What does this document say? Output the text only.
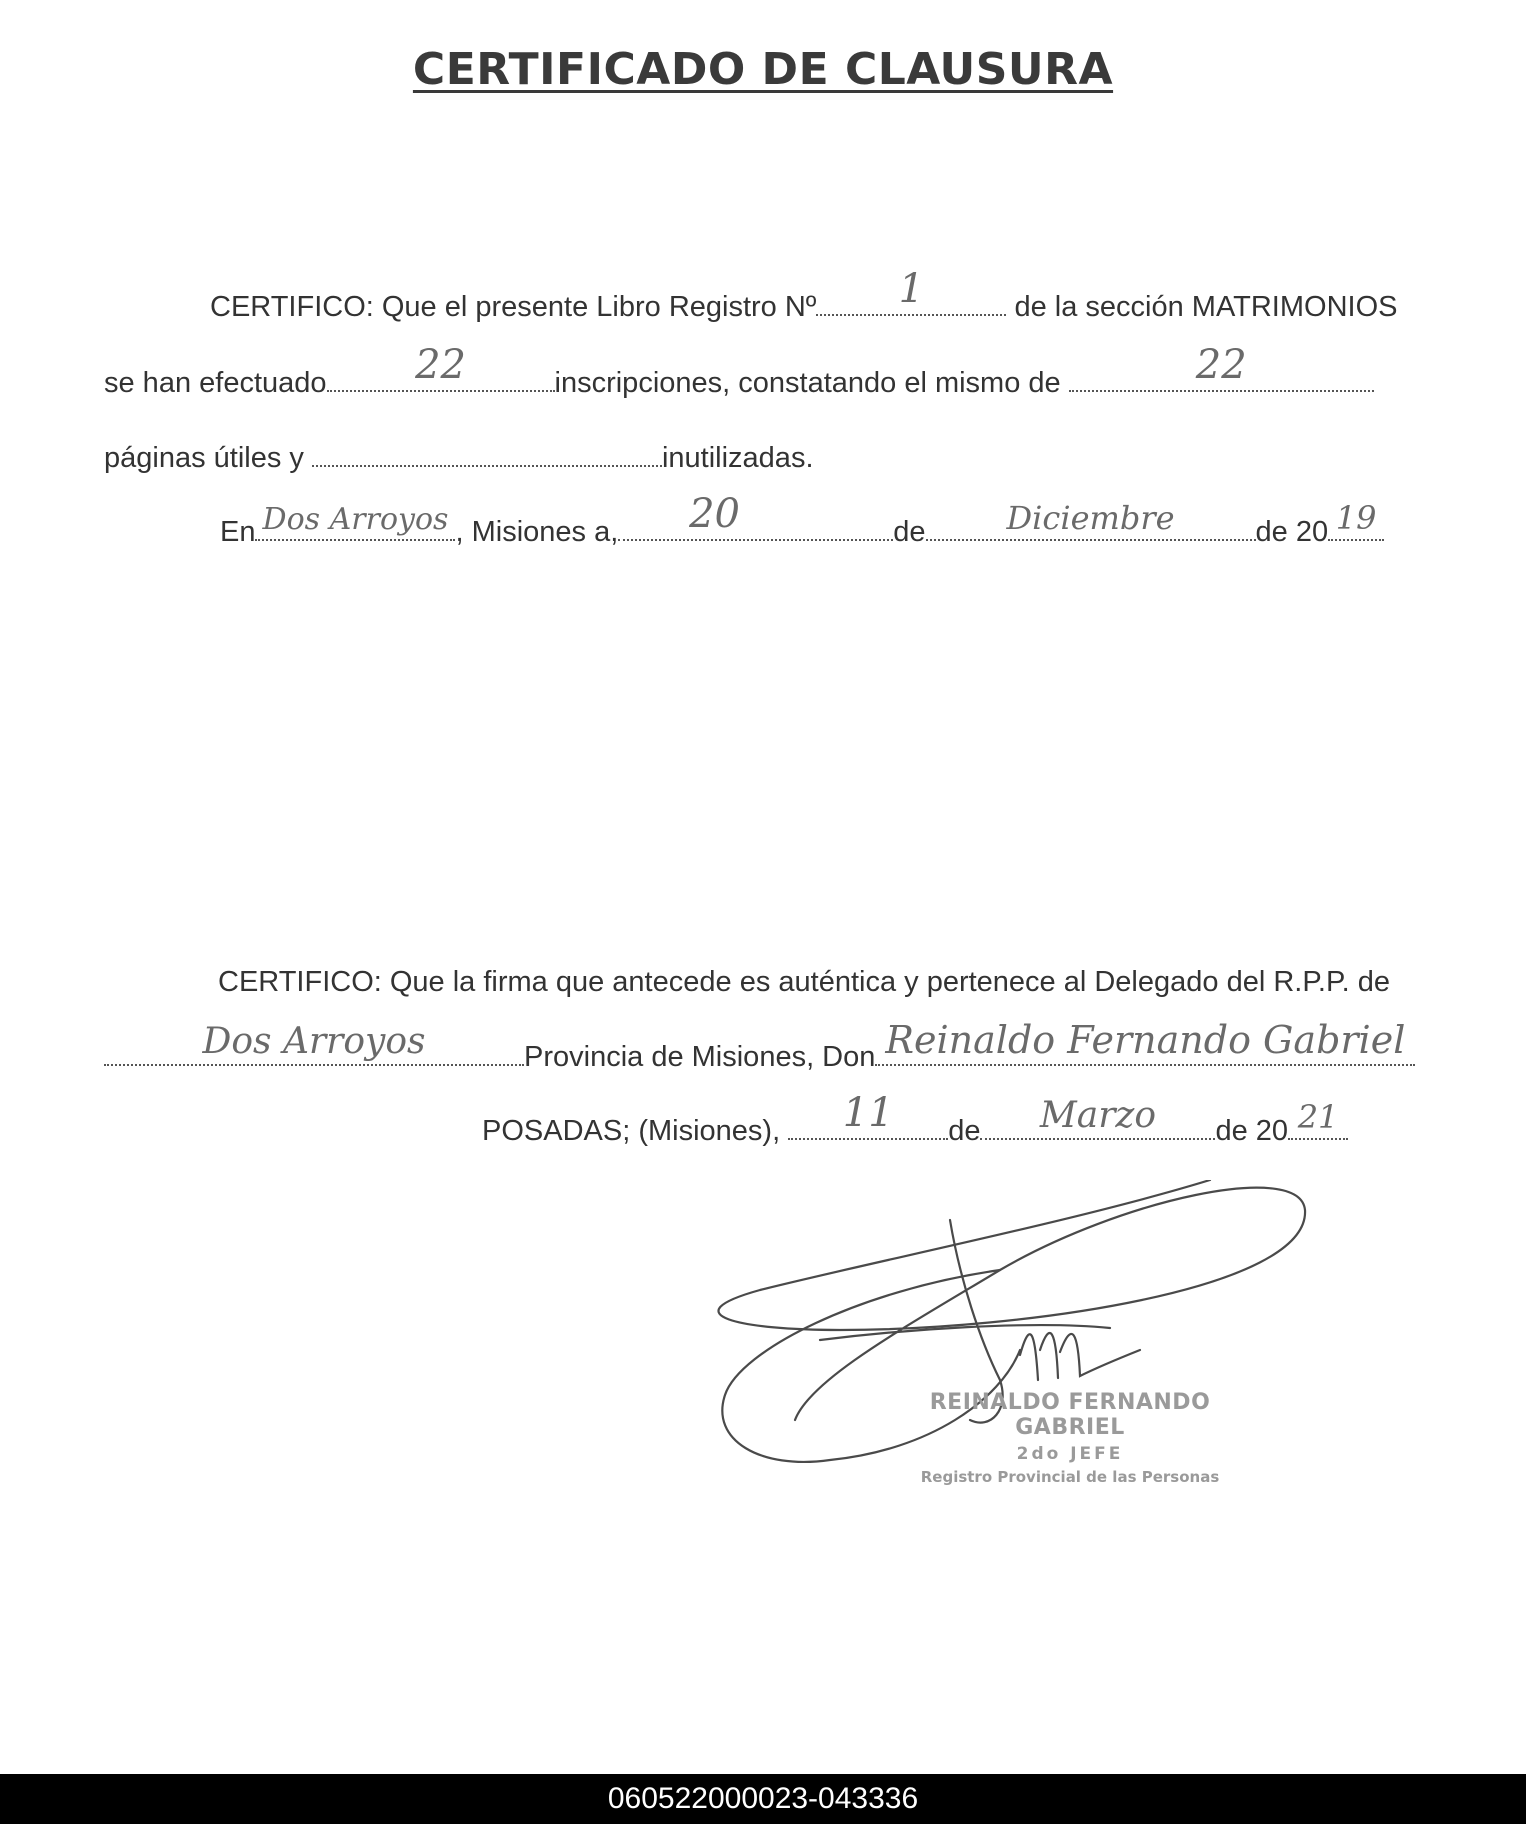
CERTIFICADO DE CLAUSURA
CERTIFICO: Que el presente Libro Registro Nº 1	de la sección MATRIMONIOS
se han efectuado 22	inscripciones, constatando el mismo de	22
páginas útiles y	inutilizadas.
En Dos Arroyos , Misiones a, 20	de	Diciembre	de 20 19
CERTIFICO: Que la firma que antecede es auténtica y pertenece al Delegado del R.P.P. de
Dos Arroyos	Provincia de Misiones, Don Reinaldo Fernando Gabriel
POSADAS; (Misiones), 11 de Marzo de 20 21
REINALDO FERNANDO GABRIEL
2do JEFE
Registro Provincial de las Personas
060522000023-043336
